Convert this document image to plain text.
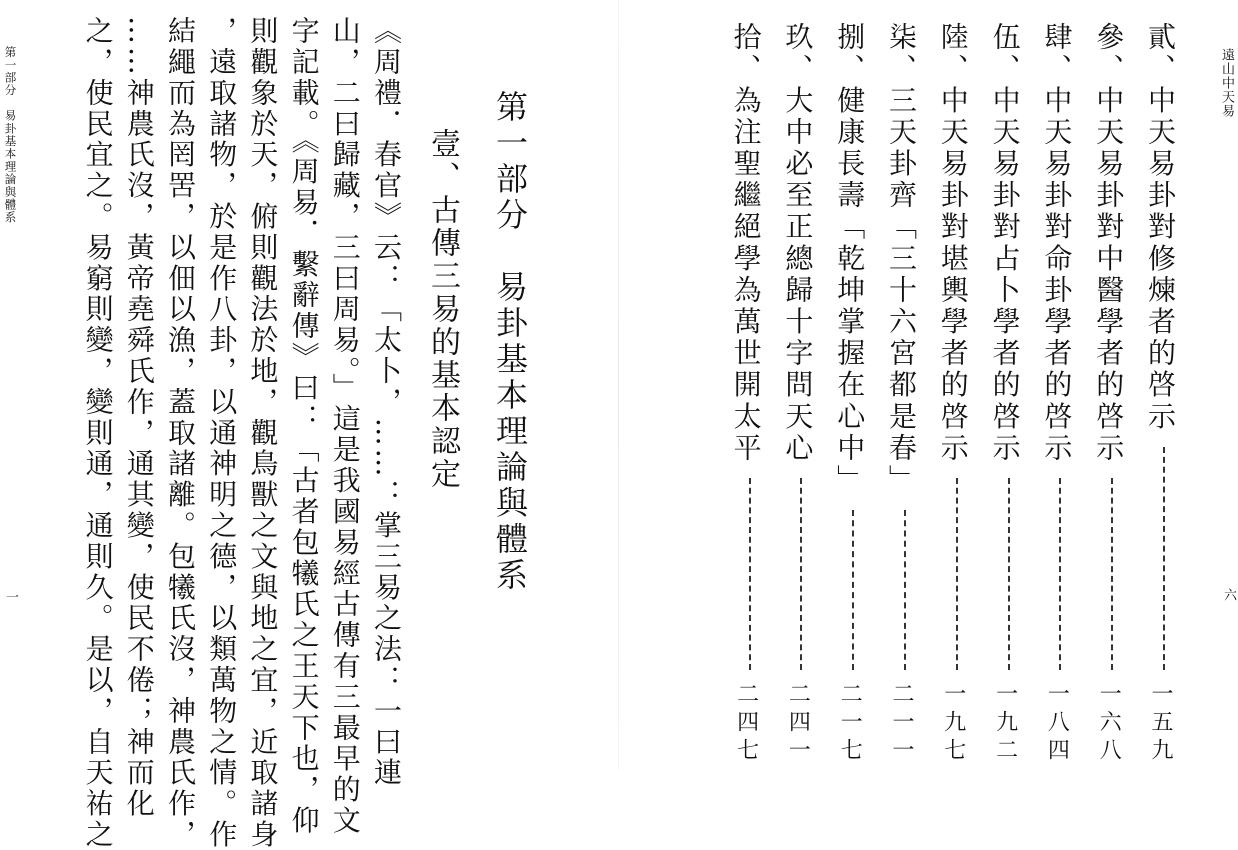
遠山中天易
六
貳、中天易卦對修煉者的啓示
一五九
參、中天易卦對中醫學者的啓示
一六八
肆、中天易卦對命卦學者的啓示
一八四
伍、中天易卦對占卜學者的啓示
一九二
陸、中天易卦對堪輿學者的啓示
一九七
柒、三天卦齊「三十六宮都是春」
二一一
捌、健康長壽「乾坤掌握在心中」
二一七
玖、大中必至正總歸十字問天心
二四一
拾、為注聖繼絕學為萬世開太平
二四七
第一部分　易卦基本理論與體系
壹、古傳三易的基本認定
《周禮．春官》云：「太卜，……：掌三易之法：一曰連
山，二曰歸藏，三曰周易。」這是我國易經古傳有三最早的文
字記載。《周易．繫辭傳》曰：「古者包犧氏之王天下也，仰
則觀象於天，俯則觀法於地，觀鳥獸之文與地之宜，近取諸身
，遠取諸物，於是作八卦，以通神明之德，以類萬物之情。作
結繩而為罔罟，以佃以漁，蓋取諸離。包犧氏沒，神農氏作，
……神農氏沒，黃帝堯舜氏作，通其變，使民不倦；神而化
之，使民宜之。易窮則變，變則通，通則久。是以，自天祐之
第一部分　易卦基本理論與體系
一
